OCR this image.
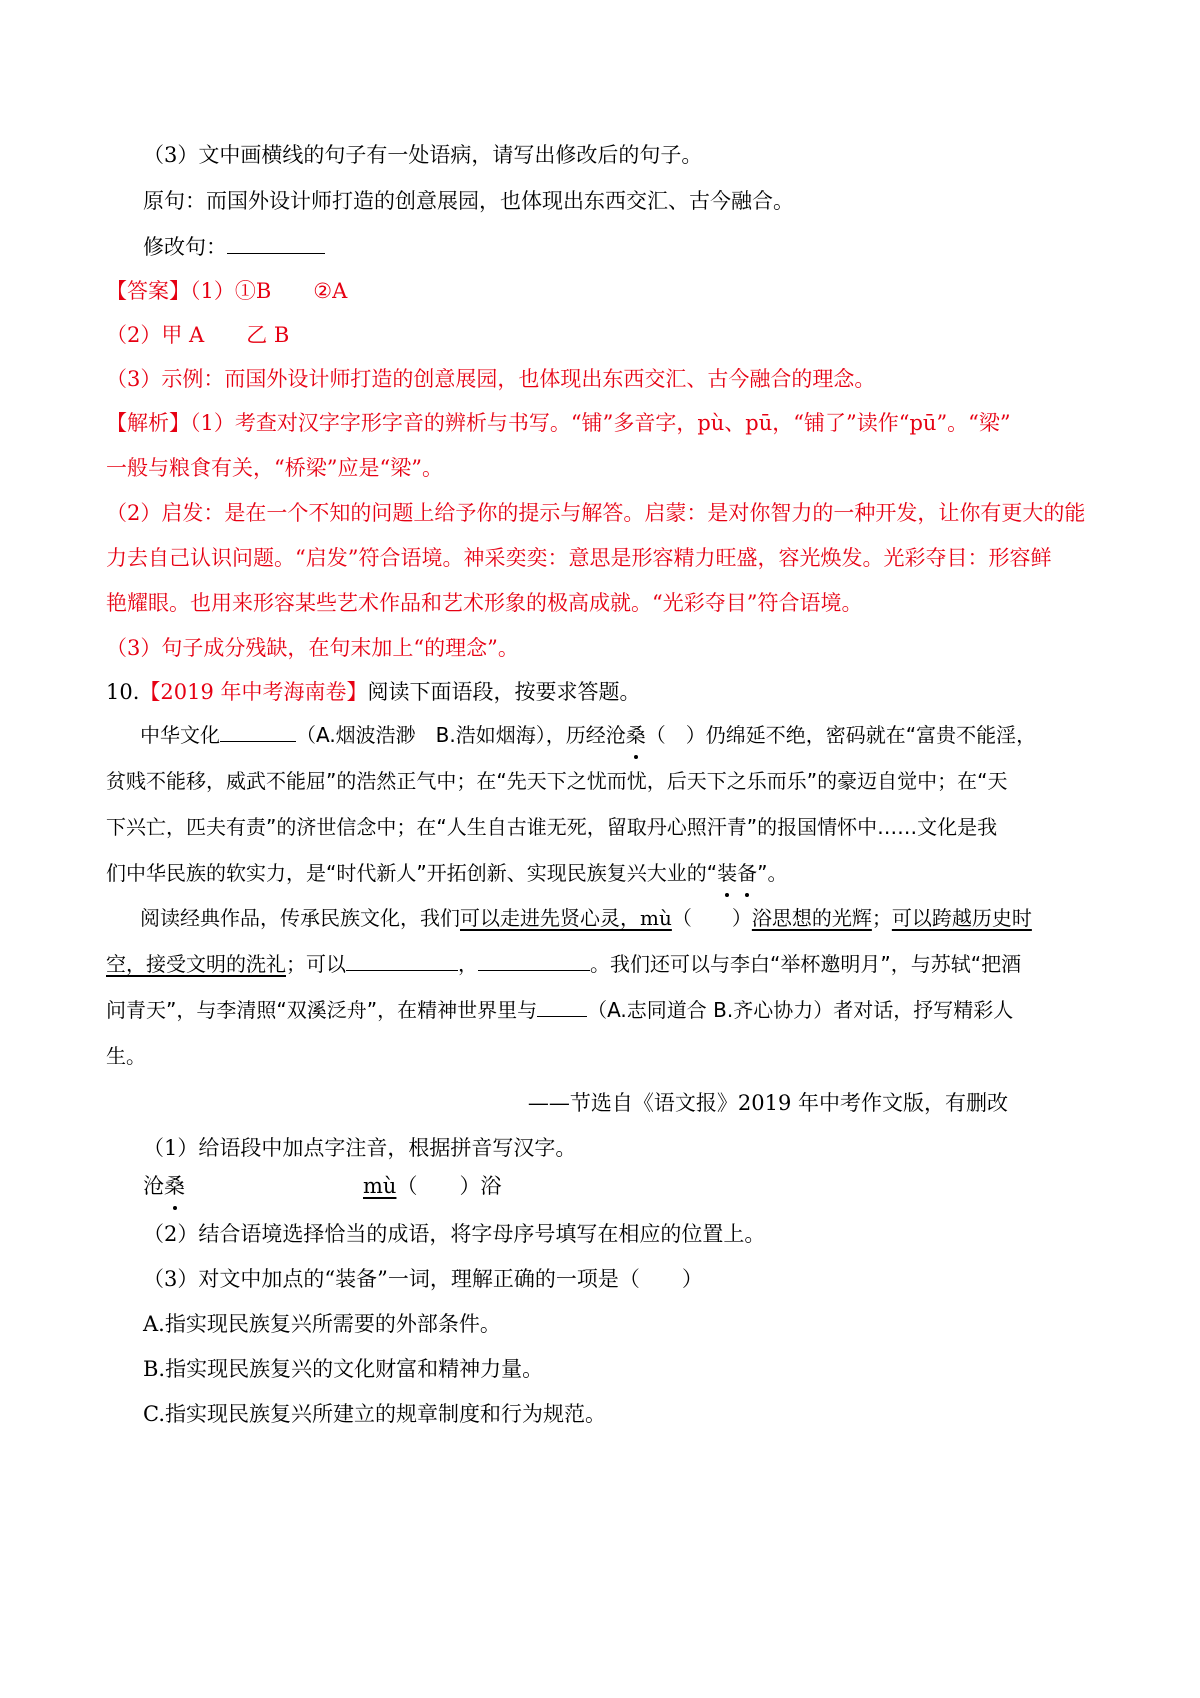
（3）文中画横线的句子有一处语病，请写出修改后的句子。
原句：而国外设计师打造的创意展园，也体现出东西交汇、古今融合。
修改句：
【答案】（1）①B ②A
（2）甲 A 乙 B
（3）示例：而国外设计师打造的创意展园，也体现出东西交汇、古今融合的理念。
【解析】（1）考查对汉字字形字音的辨析与书写。“铺”多音字，pù、pū，“铺了”读作“pū”。“梁”
一般与粮食有关，“桥梁”应是“梁”。
（2）启发：是在一个不知的问题上给予你的提示与解答。启蒙：是对你智力的一种开发，让你有更大的能
力去自己认识问题。“启发”符合语境。神采奕奕：意思是形容精力旺盛，容光焕发。光彩夺目：形容鲜
艳耀眼。也用来形容某些艺术作品和艺术形象的极高成就。“光彩夺目”符合语境。
（3）句子成分残缺，在句末加上“的理念”。
10.【2019 年中考海南卷】阅读下面语段，按要求答题。
中华文化	（A.烟波浩渺　B.浩如烟海），历经沧桑（　）仍绵延不绝，密码就在“富贵不能淫，
贫贱不能移，威武不能屈”的浩然正气中；在“先天下之忧而忧，后天下之乐而乐”的豪迈自觉中；在“天
下兴亡，匹夫有责”的济世信念中；在“人生自古谁无死，留取丹心照汗青”的报国情怀中……文化是我
们中华民族的软实力，是“时代新人”开拓创新、实现民族复兴大业的“装备”。
阅读经典作品，传承民族文化，我们可以走进先贤心灵，mù（　　）浴思想的光辉；可以跨越历史时
空，接受文明的洗礼；可以	，	。我们还可以与李白“举杯邀明月”，与苏轼“把酒
问青天”，与李清照“双溪泛舟”，在精神世界里与	（A.志同道合 B.齐心协力）者对话，抒写精彩人
生。
——节选自《语文报》2019 年中考作文版，有删改
（1）给语段中加点字注音，根据拼音写汉字。
沧桑	mù（　　）浴
（2）结合语境选择恰当的成语，将字母序号填写在相应的位置上。
（3）对文中加点的“装备”一词，理解正确的一项是（　　）
A.指实现民族复兴所需要的外部条件。
B.指实现民族复兴的文化财富和精神力量。
C.指实现民族复兴所建立的规章制度和行为规范。
